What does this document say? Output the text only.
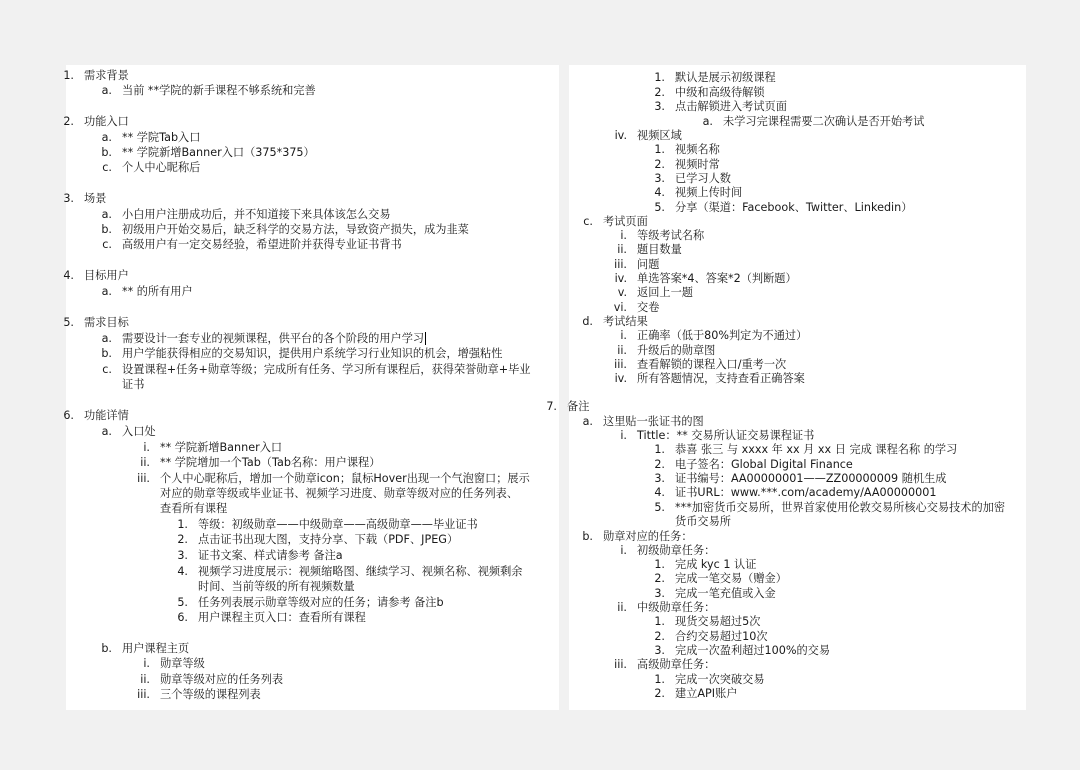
1. 需求背景
a. 当前 **学院的新手课程不够系统和完善
2. 功能入口
a. ** 学院Tab入口
b. ** 学院新增Banner入口（375*375）
c. 个人中心昵称后
3. 场景
a. 小白用户注册成功后，并不知道接下来具体该怎么交易
b. 初级用户开始交易后，缺乏科学的交易方法，导致资产损失，成为韭菜
c. 高级用户有一定交易经验，希望进阶并获得专业证书背书
4. 目标用户
a. ** 的所有用户
5. 需求目标
a. 需要设计一套专业的视频课程，供平台的各个阶段的用户学习
b. 用户学能获得相应的交易知识，提供用户系统学习行业知识的机会，增强粘性
c. 设置课程+任务+勋章等级；完成所有任务、学习所有课程后，获得荣誉勋章+毕业
证书
6. 功能详情
a. 入口处
i. ** 学院新增Banner入口
ii. ** 学院增加一个Tab（Tab名称：用户课程）
iii. 个人中心昵称后，增加一个勋章icon；鼠标Hover出现一个气泡窗口；展示
对应的勋章等级或毕业证书、视频学习进度、勋章等级对应的任务列表、
查看所有课程
1. 等级：初级勋章——中级勋章——高级勋章——毕业证书
2. 点击证书出现大图，支持分享、下载（PDF、JPEG）
3. 证书文案、样式请参考 备注a
4. 视频学习进度展示：视频缩略图、继续学习、视频名称、视频剩余
时间、当前等级的所有视频数量
5. 任务列表展示勋章等级对应的任务；请参考 备注b
6. 用户课程主页入口：查看所有课程
b. 用户课程主页
i. 勋章等级
ii. 勋章等级对应的任务列表
iii. 三个等级的课程列表
1. 默认是展示初级课程
2. 中级和高级待解锁
3. 点击解锁进入考试页面
a. 未学习完课程需要二次确认是否开始考试
iv. 视频区域
1. 视频名称
2. 视频时常
3. 已学习人数
4. 视频上传时间
5. 分享（渠道：Facebook、Twitter、Linkedin）
c. 考试页面
i. 等级考试名称
ii. 题目数量
iii. 问题
iv. 单选答案*4、答案*2（判断题）
v. 返回上一题
vi. 交卷
d. 考试结果
i. 正确率（低于80%判定为不通过）
ii. 升级后的勋章图
iii. 查看解锁的课程入口/重考一次
iv. 所有答题情况，支持查看正确答案
7. 备注
a. 这里贴一张证书的图
i. Tittle：** 交易所认证交易课程证书
1. 恭喜 张三 与 xxxx 年 xx 月 xx 日 完成 课程名称 的学习
2. 电子签名：Global Digital Finance
3. 证书编号：AA00000001——ZZ00000009 随机生成
4. 证书URL：www.***.com/academy/AA00000001
5. ***加密货币交易所，世界首家使用伦敦交易所核心交易技术的加密
货币交易所
b. 勋章对应的任务：
i. 初级勋章任务：
1. 完成 kyc 1 认证
2. 完成一笔交易（赠金）
3. 完成一笔充值或入金
ii. 中级勋章任务：
1. 现货交易超过5次
2. 合约交易超过10次
3. 完成一次盈利超过100%的交易
iii. 高级勋章任务：
1. 完成一次突破交易
2. 建立API账户
